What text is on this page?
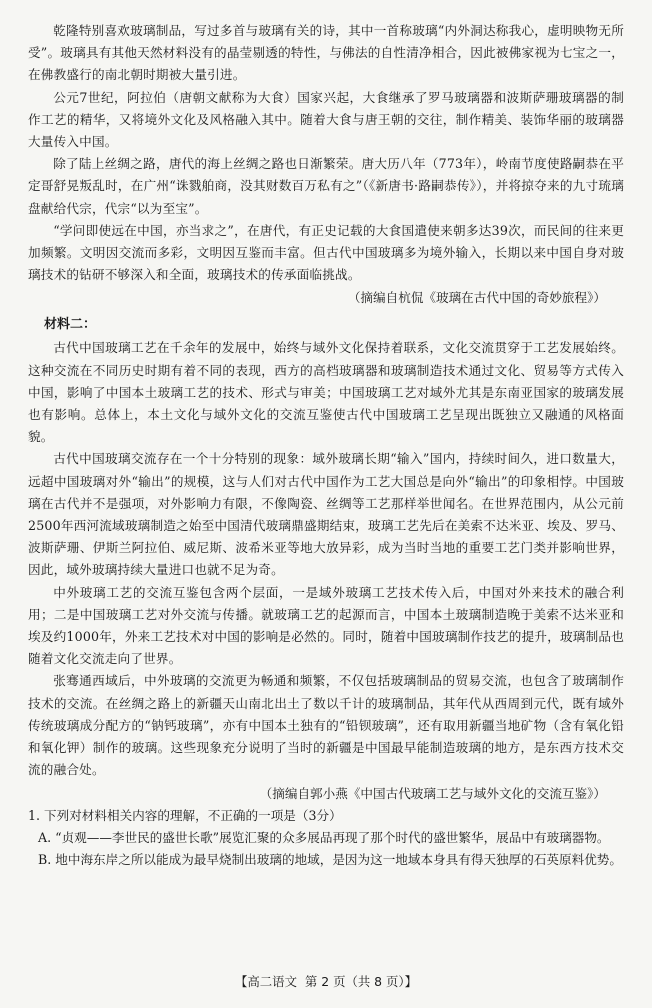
乾隆特别喜欢玻璃制品，写过多首与玻璃有关的诗，其中一首称玻璃“内外洞达称我心，虚明映物无所受”。玻璃具有其他天然材料没有的晶莹剔透的特性，与佛法的自性清净相合，因此被佛家视为七宝之一，在佛教盛行的南北朝时期被大量引进。

公元7世纪，阿拉伯（唐朝文献称为大食）国家兴起，大食继承了罗马玻璃器和波斯萨珊玻璃器的制作工艺的精华，又将境外文化及风格融入其中。随着大食与唐王朝的交往，制作精美、装饰华丽的玻璃器大量传入中国。

除了陆上丝绸之路，唐代的海上丝绸之路也日渐繁荣。唐大历八年（773年），岭南节度使路嗣恭在平定哥舒晃叛乱时，在广州“诛戮舶商，没其财数百万私有之”（《新唐书·路嗣恭传》），并将掠夺来的九寸琉璃盘献给代宗，代宗“以为至宝”。

“学问即使远在中国，亦当求之”，在唐代，有正史记载的大食国遣使来朝多达39次，而民间的往来更加频繁。文明因交流而多彩，文明因互鉴而丰富。但古代中国玻璃多为境外输入，长期以来中国自身对玻璃技术的钻研不够深入和全面，玻璃技术的传承面临挑战。

（摘编自杭侃《玻璃在古代中国的奇妙旅程》）

材料二：

古代中国玻璃工艺在千余年的发展中，始终与域外文化保持着联系，文化交流贯穿于工艺发展始终。这种交流在不同历史时期有着不同的表现，西方的高档玻璃器和玻璃制造技术通过文化、贸易等方式传入中国，影响了中国本土玻璃工艺的技术、形式与审美；中国玻璃工艺对域外尤其是东南亚国家的玻璃发展也有影响。总体上，本土文化与域外文化的交流互鉴使古代中国玻璃工艺呈现出既独立又融通的风格面貌。

古代中国玻璃交流存在一个十分特别的现象：域外玻璃长期“输入”国内，持续时间久，进口数量大，远超中国玻璃对外“输出”的规模，这与人们对古代中国作为工艺大国总是向外“输出”的印象相悖。中国玻璃在古代并不是强项，对外影响力有限，不像陶瓷、丝绸等工艺那样举世闻名。在世界范围内，从公元前2500年西河流域玻璃制造之始至中国清代玻璃鼎盛期结束，玻璃工艺先后在美索不达米亚、埃及、罗马、波斯萨珊、伊斯兰阿拉伯、威尼斯、波希米亚等地大放异彩，成为当时当地的重要工艺门类并影响世界，因此，域外玻璃持续大量进口也就不足为奇。

中外玻璃工艺的交流互鉴包含两个层面，一是域外玻璃工艺技术传入后，中国对外来技术的融合利用；二是中国玻璃工艺对外交流与传播。就玻璃工艺的起源而言，中国本土玻璃制造晚于美索不达米亚和埃及约1000年，外来工艺技术对中国的影响是必然的。同时，随着中国玻璃制作技艺的提升，玻璃制品也随着文化交流走向了世界。

张骞通西域后，中外玻璃的交流更为畅通和频繁，不仅包括玻璃制品的贸易交流，也包含了玻璃制作技术的交流。在丝绸之路上的新疆天山南北出土了数以千计的玻璃制品，其年代从西周到元代，既有域外传统玻璃成分配方的“钠钙玻璃”，亦有中国本土独有的“铅钡玻璃”，还有取用新疆当地矿物（含有氧化铅和氧化钾）制作的玻璃。这些现象充分说明了当时的新疆是中国最早能制造玻璃的地方，是东西方技术交流的融合处。

（摘编自郭小燕《中国古代玻璃工艺与域外文化的交流互鉴》）

1. 下列对材料相关内容的理解，不正确的一项是（3分）

A. “贞观——李世民的盛世长歌”展览汇聚的众多展品再现了那个时代的盛世繁华，展品中有玻璃器物。

B. 地中海东岸之所以能成为最早烧制出玻璃的地域，是因为这一地域本身具有得天独厚的石英原料优势。

【高二语文 第 2 页（共 8 页）】
